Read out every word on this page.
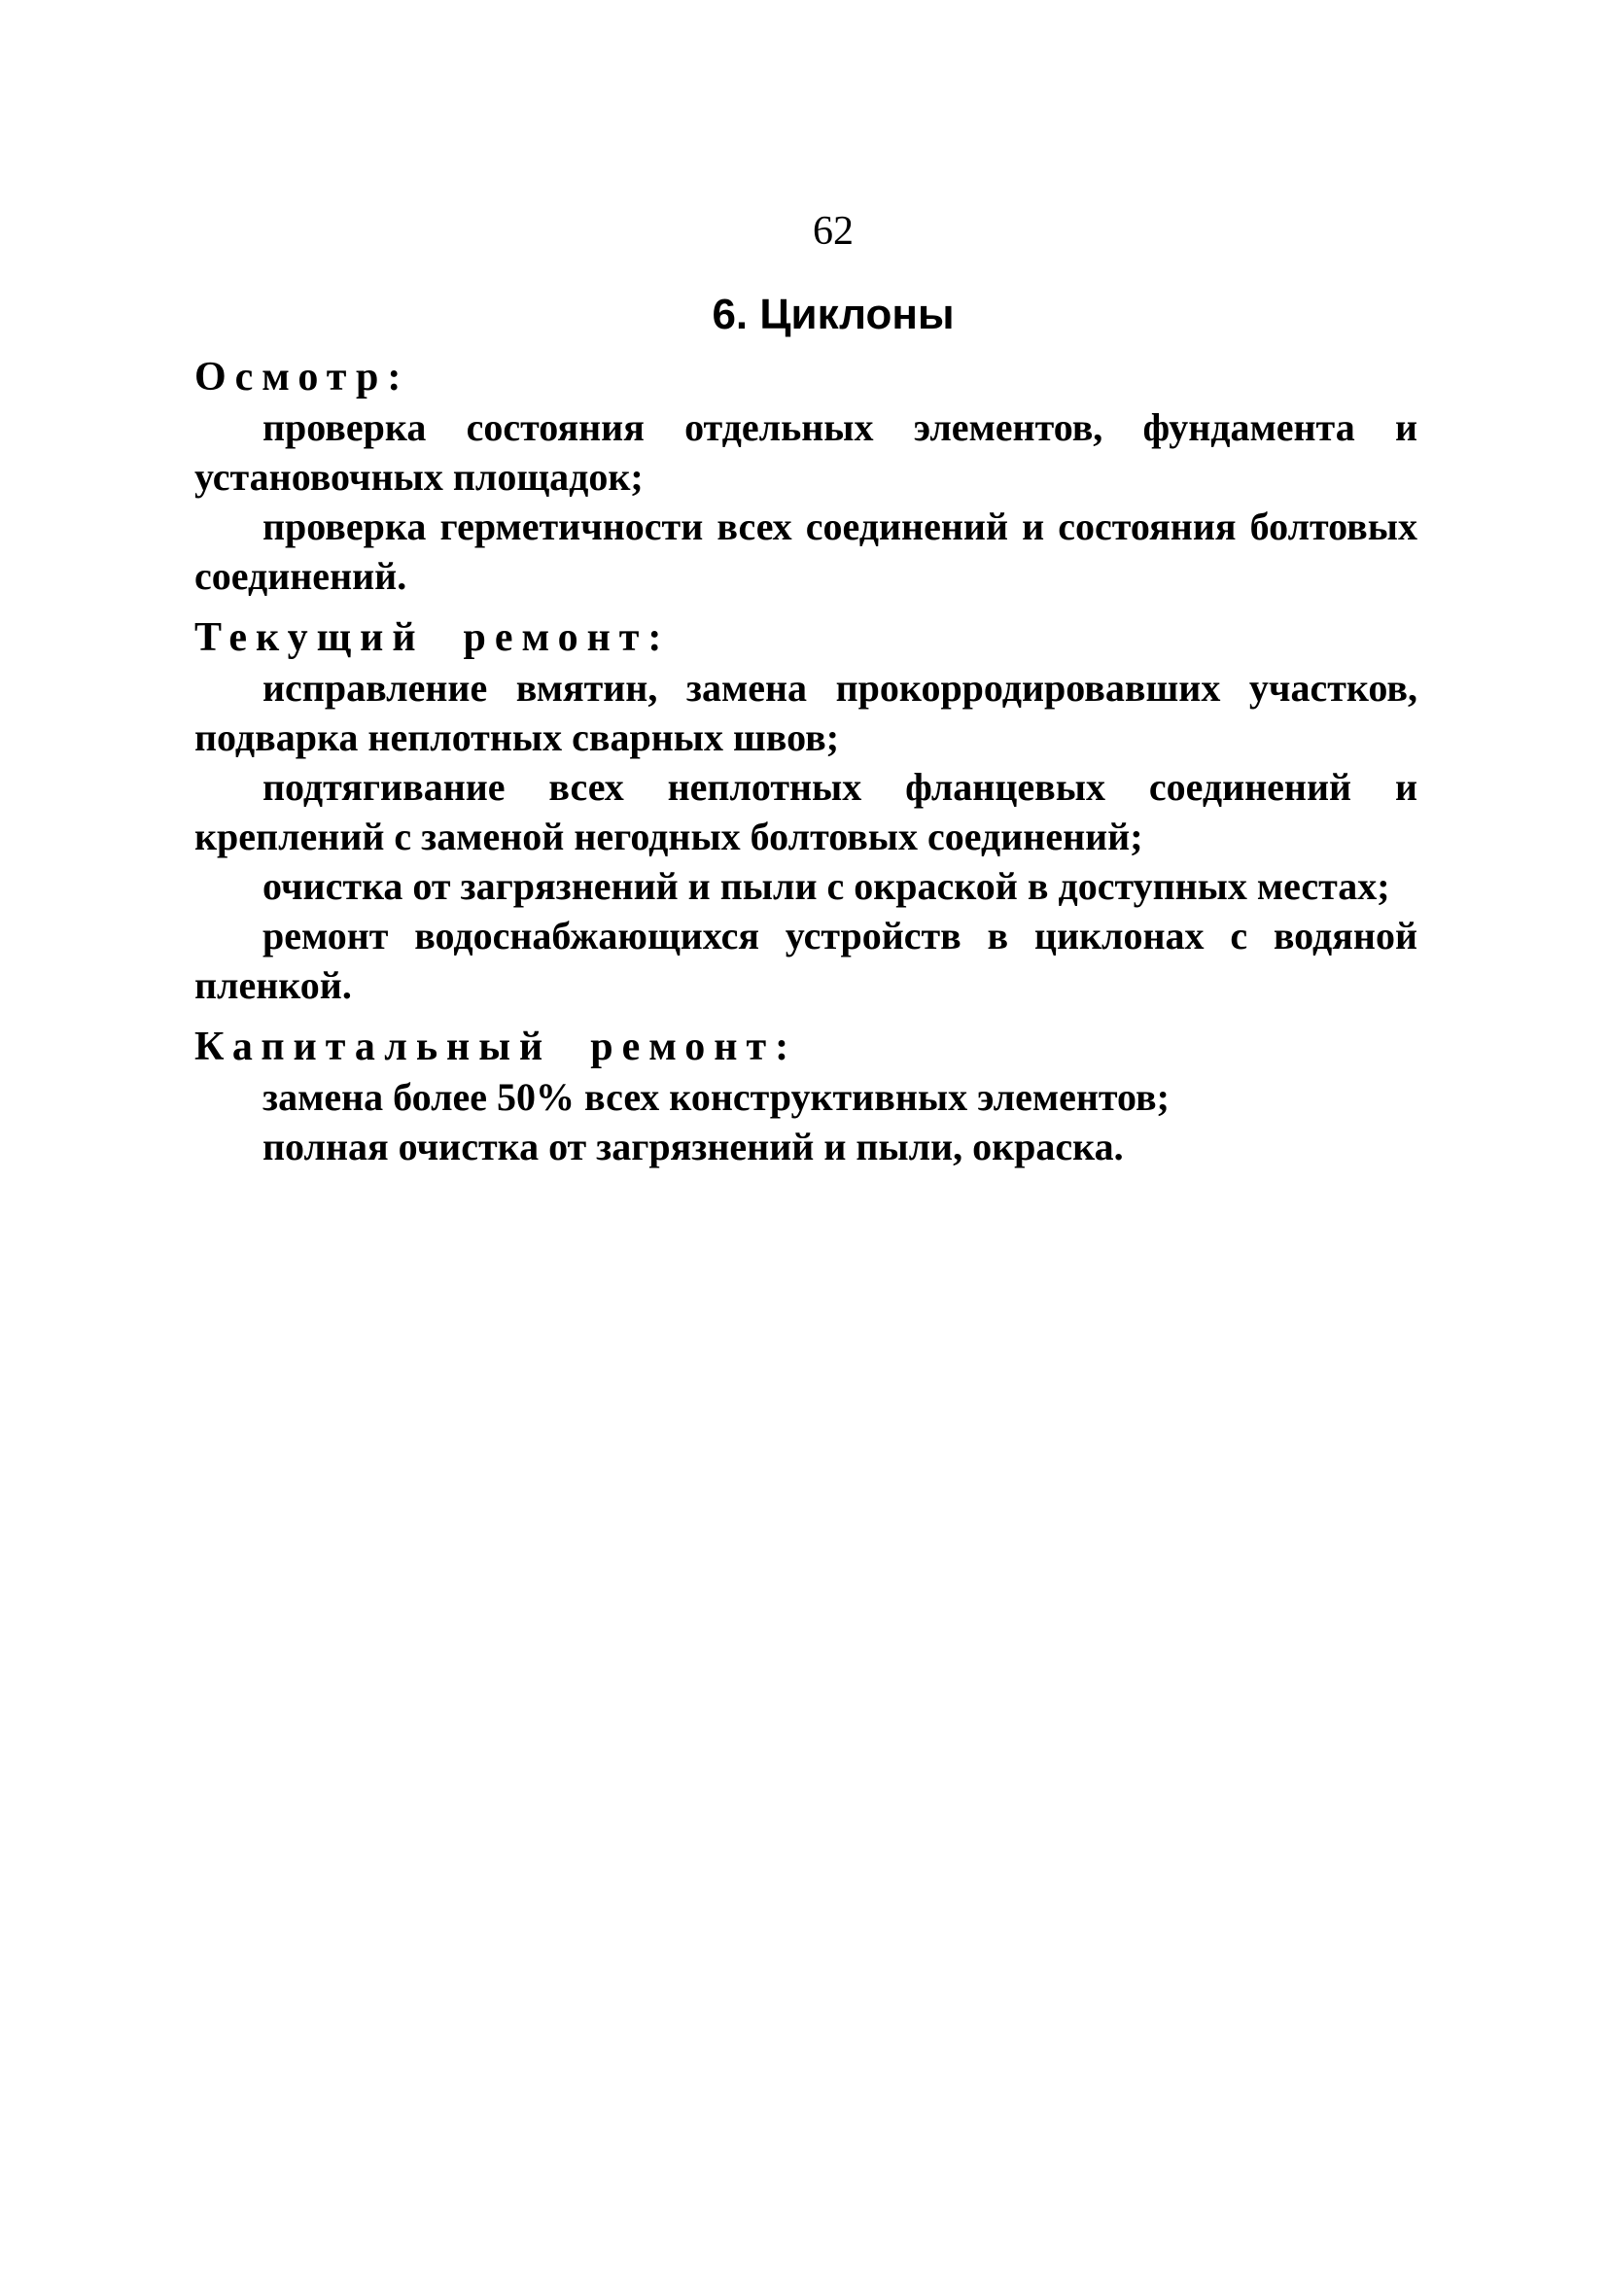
62
6. Циклоны

Осмотр:

проверка состояния отдельных элементов, фундамента и установочных площадок;

проверка герметичности всех соединений и состояния болтовых соединений.

Текущий ремонт:

исправление вмятин, замена прокорродировавших участков, подварка неплотных сварных швов;

подтягивание всех неплотных фланцевых соединений и креплений с заменой негодных болтовых соединений;

очистка от загрязнений и пыли с окраской в доступных местах;

ремонт водоснабжающихся устройств в циклонах с водяной пленкой.

Капитальный ремонт:

замена более 50% всех конструктивных элементов;

полная очистка от загрязнений и пыли, окраска.
